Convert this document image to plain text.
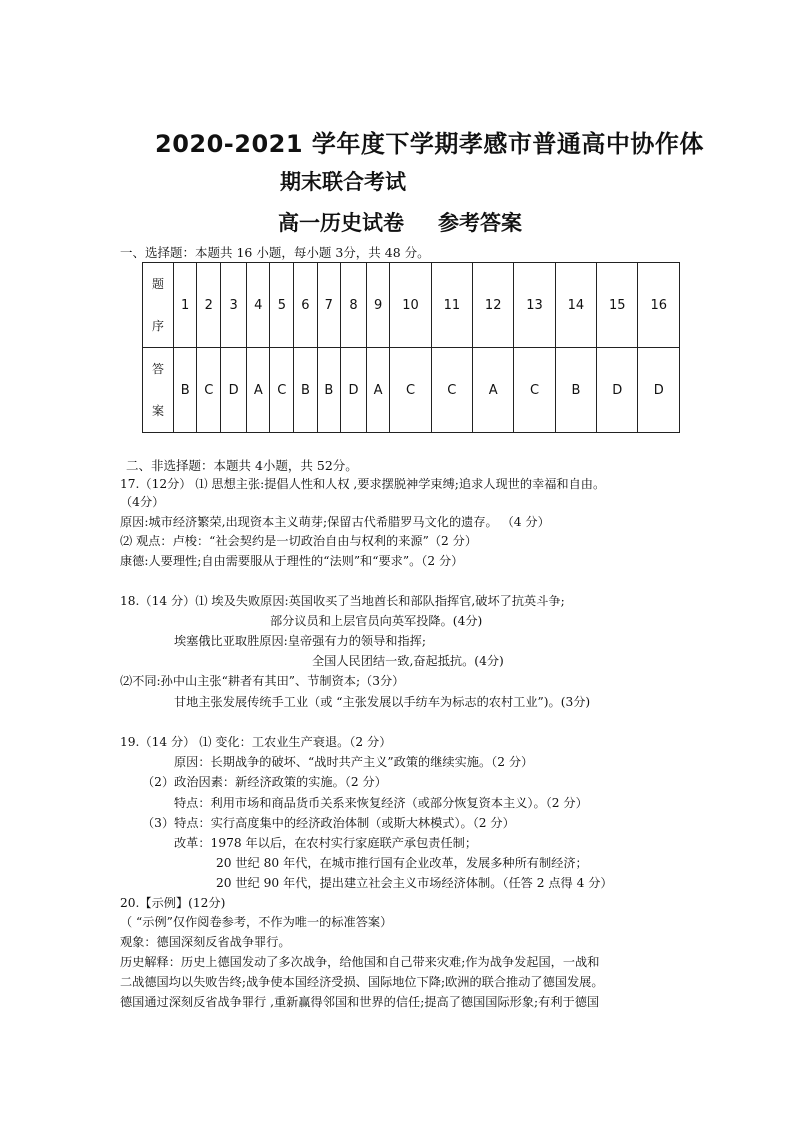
2020-2021 学年度下学期孝感市普通高中协作体
期末联合考试
高一历史试卷 参考答案
一、选择题：本题共 16 小题，每小题 3分，共 48 分。
题
序	1	2	3	4	5	6	7	8	9	10	11	12	13	14	15	16
答
案	B	C	D	A	C	B	B	D	A	C	C	A	C	B	D	D
二、非选择题：本题共 4小题，共 52分。
17.（12分） ⑴ 思想主张:提倡人性和人权 ,要求摆脱神学束缚;追求人现世的幸福和自由。
（4分）
原因:城市经济繁荣,出现资本主义萌芽;保留古代希腊罗马文化的遗存。 （4 分）
⑵ 观点：卢梭：“社会契约是一切政治自由与权利的来源”（2 分）
康德:人要理性;自由需要服从于理性的“法则”和“要求”。（2 分）
18.（14 分）⑴ 埃及失败原因:英国收买了当地酋长和部队指挥官,破坏了抗英斗争;
部分议员和上层官员向英军投降。(4分)
埃塞俄比亚取胜原因:皇帝强有力的领导和指挥;
全国人民团结一致,奋起抵抗。(4分)
⑵不同:孙中山主张“耕者有其田”、节制资本;（3分）
甘地主张发展传统手工业（或 “主张发展以手纺车为标志的农村工业”)。(3分)
19.（14 分） ⑴ 变化：工农业生产衰退。（2 分）
原因：长期战争的破坏、“战时共产主义”政策的继续实施。（2 分）
（2）政治因素：新经济政策的实施。（2 分）
特点：利用市场和商品货币关系来恢复经济（或部分恢复资本主义）。（2 分）
（3）特点：实行高度集中的经济政治体制（或斯大林模式）。（2 分）
改革：1978 年以后，在农村实行家庭联产承包责任制；
20 世纪 80 年代，在城市推行国有企业改革，发展多种所有制经济；
20 世纪 90 年代，提出建立社会主义市场经济体制。（任答 2 点得 4 分）
20.【示例】(12分)
（ “示例”仅作阅卷参考，不作为唯一的标准答案）
观象：德国深刻反省战争罪行。
历史解释：历史上德国发动了多次战争，给他国和自己带来灾难;作为战争发起国，一战和
二战德国均以失败告终;战争使本国经济受损、国际地位下降;欧洲的联合推动了德国发展。
德国通过深刻反省战争罪行 ,重新赢得邻国和世界的信任;提高了德国国际形象;有利于德国
